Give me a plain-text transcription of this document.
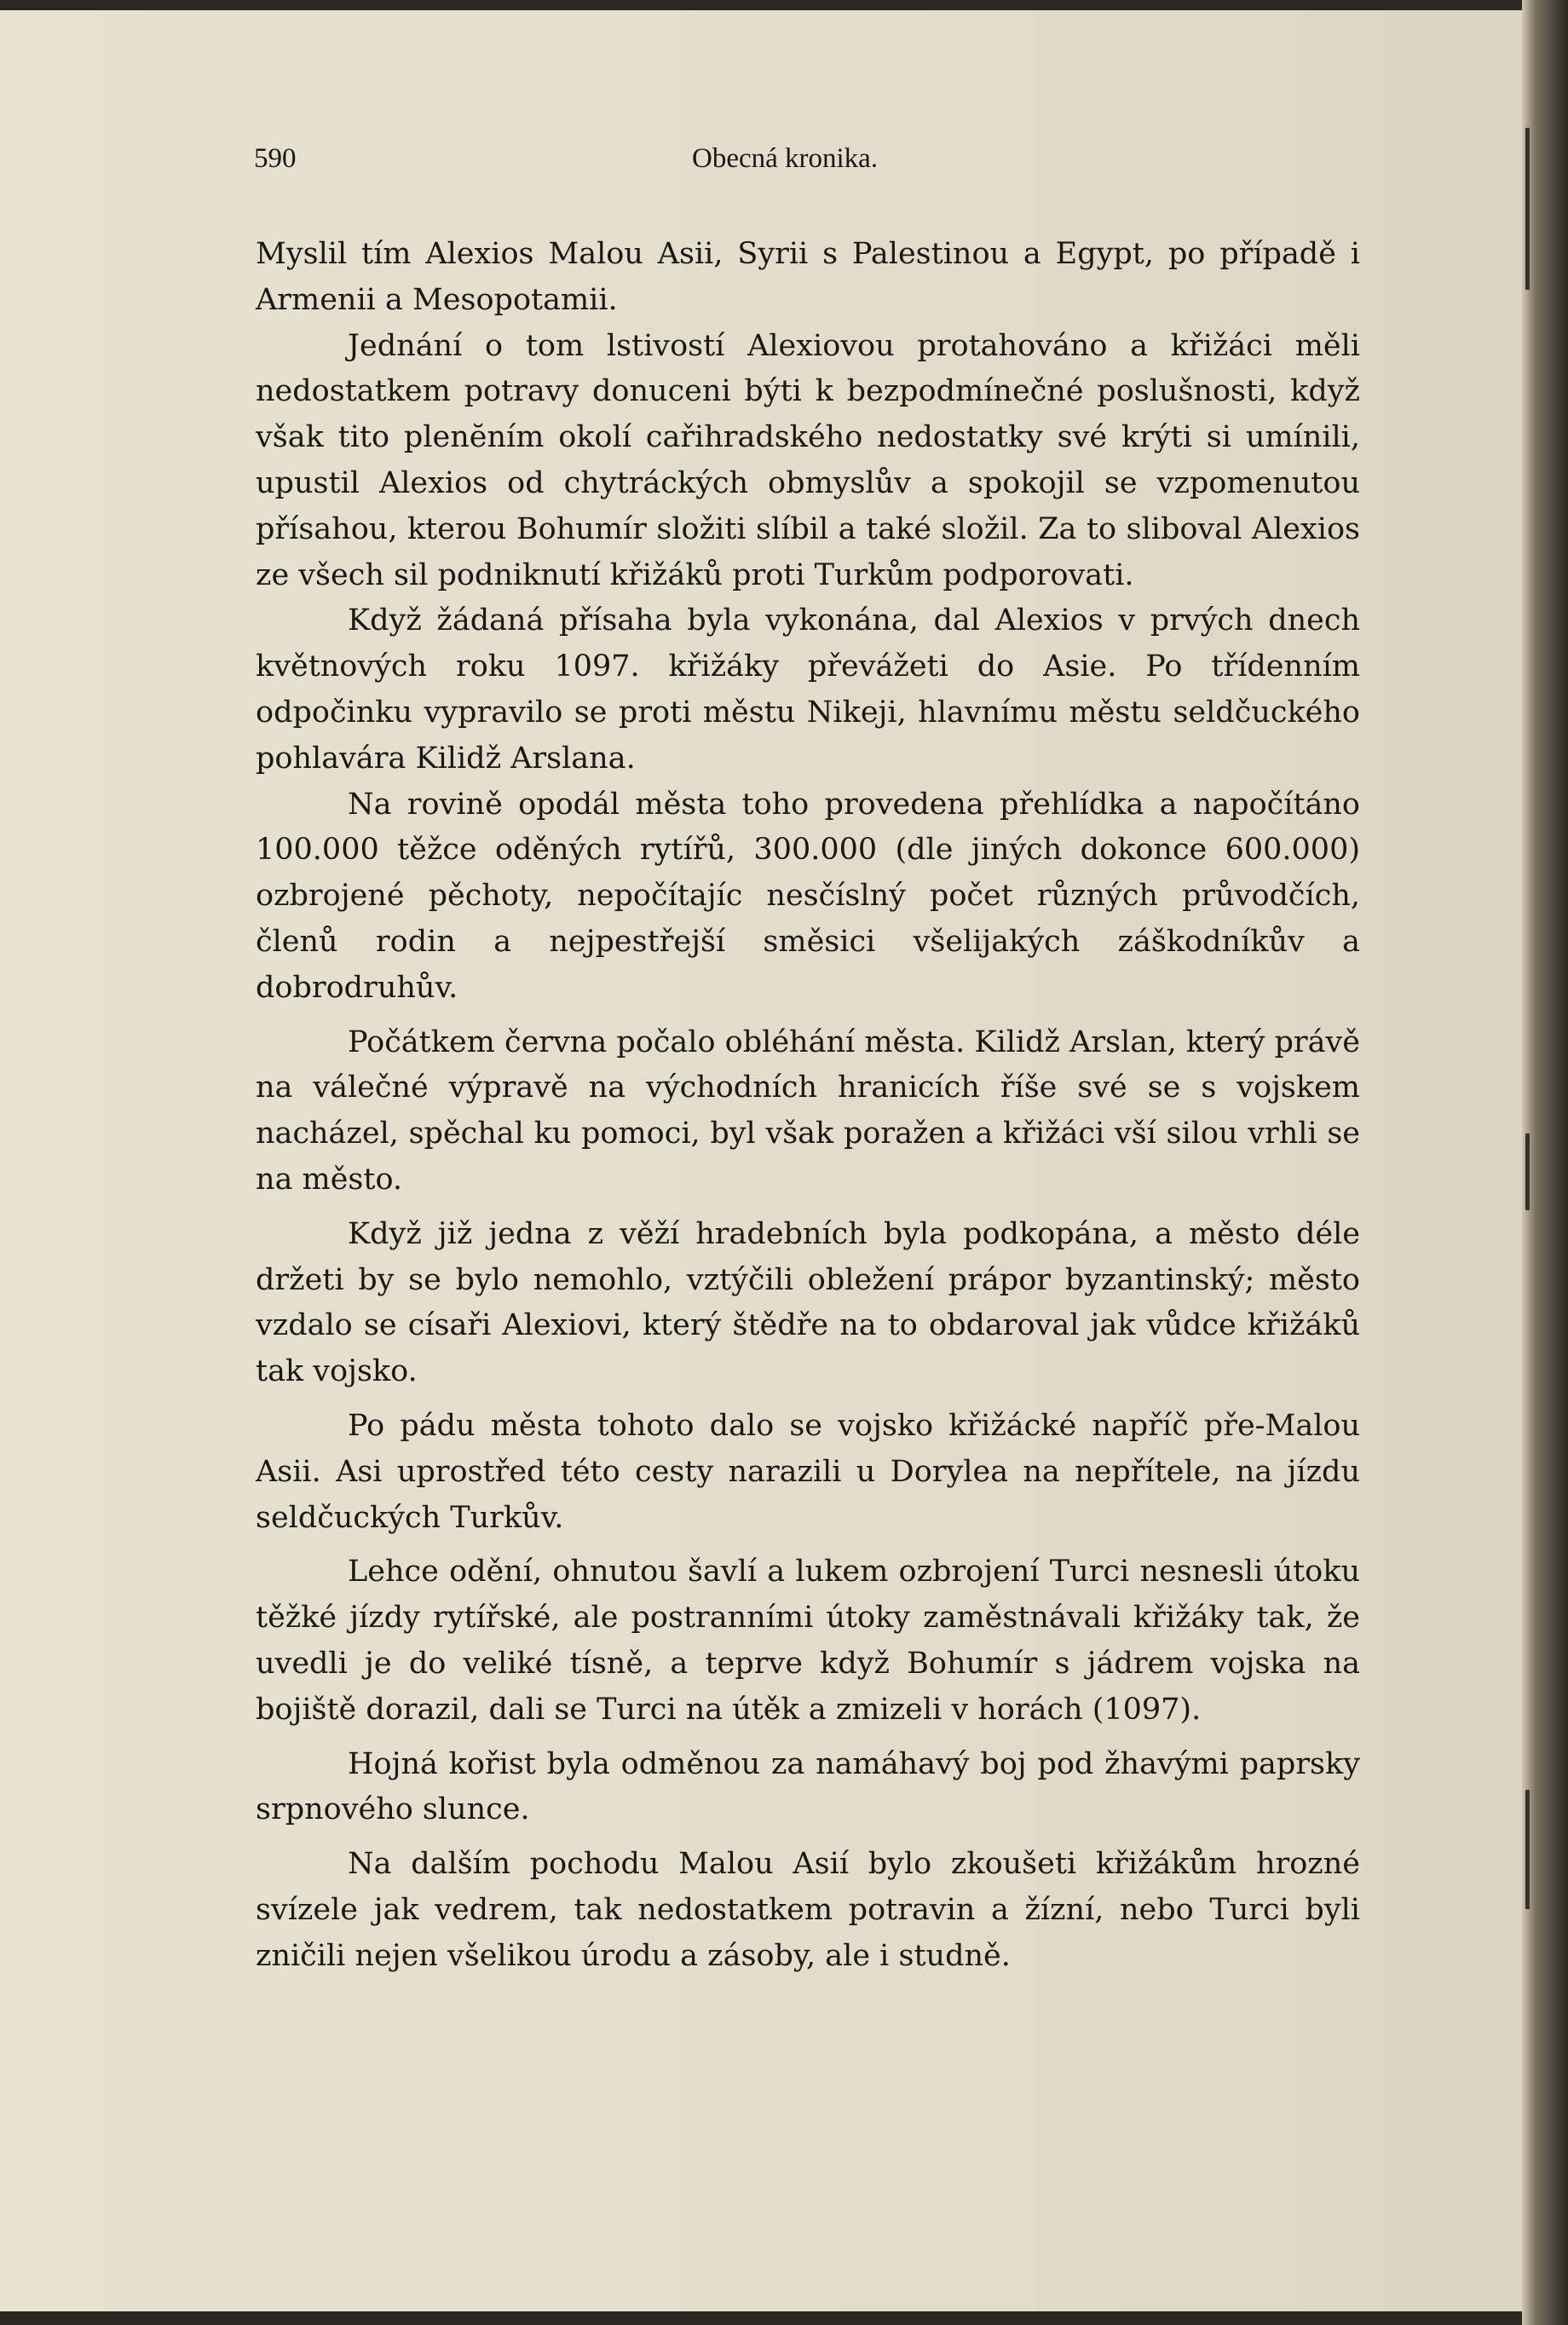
590	Obecná kronika.

Myslil tím Alexios Malou Asii, Syrii s Palestinou a Egypt, po případě i Armenii a Mesopotamii.

Jednání o tom lstivostí Alexiovou protahováno a křižáci měli nedostatkem potravy donuceni býti k bezpodmínečné poslušnosti, když však tito plenĕním okolí cařihradského nedostatky své krýti si umínili, upustil Alexios od chytráckých obmyslův a spokojil se vzpomenutou přísahou, kterou Bohumír složiti slíbil a také složil. Za to sliboval Alexios ze všech sil podniknutí křižáků proti Turkům podporovati.

Když žádaná přísaha byla vykonána, dal Alexios v prvých dnech květnových roku 1097. křižáky převážeti do Asie. Po třídenním odpočinku vypravilo se proti městu Nikeji, hlavnímu městu seldčuckého pohlavára Kilidž Arslana.

Na rovině opodál města toho provedena přehlídka a napočítáno 100.000 těžce oděných rytířů, 300.000 (dle jiných dokonce 600.000) ozbrojené pěchoty, nepočítajíc nesčíslný počet různých průvodčích, členů rodin a nejpestřejší směsici všelijakých záškodníkův a dobrodruhův.

Počátkem června počalo obléhání města. Kilidž Arslan, který právě na válečné výpravě na východních hranicích říše své se s vojskem nacházel, spěchal ku pomoci, byl však poražen a křižáci vší silou vrhli se na město.

Když již jedna z věží hradebních byla podkopána, a město déle držeti by se bylo nemohlo, vztýčili obležení prápor byzantinský; město vzdalo se císaři Alexiovi, který štědře na to obdaroval jak vůdce křižáků tak vojsko.

Po pádu města tohoto dalo se vojsko křižácké napříč pře-Malou Asii. Asi uprostřed této cesty narazili u Dorylea na nepřítele, na jízdu seldčuckých Turkův.

Lehce odění, ohnutou šavlí a lukem ozbrojení Turci nesnesli útoku těžké jízdy rytířské, ale postranními útoky zaměstnávali křižáky tak, že uvedli je do veliké tísně, a teprve když Bohumír s jádrem vojska na bojiště dorazil, dali se Turci na útěk a zmizeli v horách (1097).

Hojná kořist byla odměnou za namáhavý boj pod žhavými paprsky srpnového slunce.

Na dalším pochodu Malou Asií bylo zkoušeti křižákům hrozné svízele jak vedrem, tak nedostatkem potravin a žízní, nebo Turci byli zničili nejen všelikou úrodu a zásoby, ale i studně.
